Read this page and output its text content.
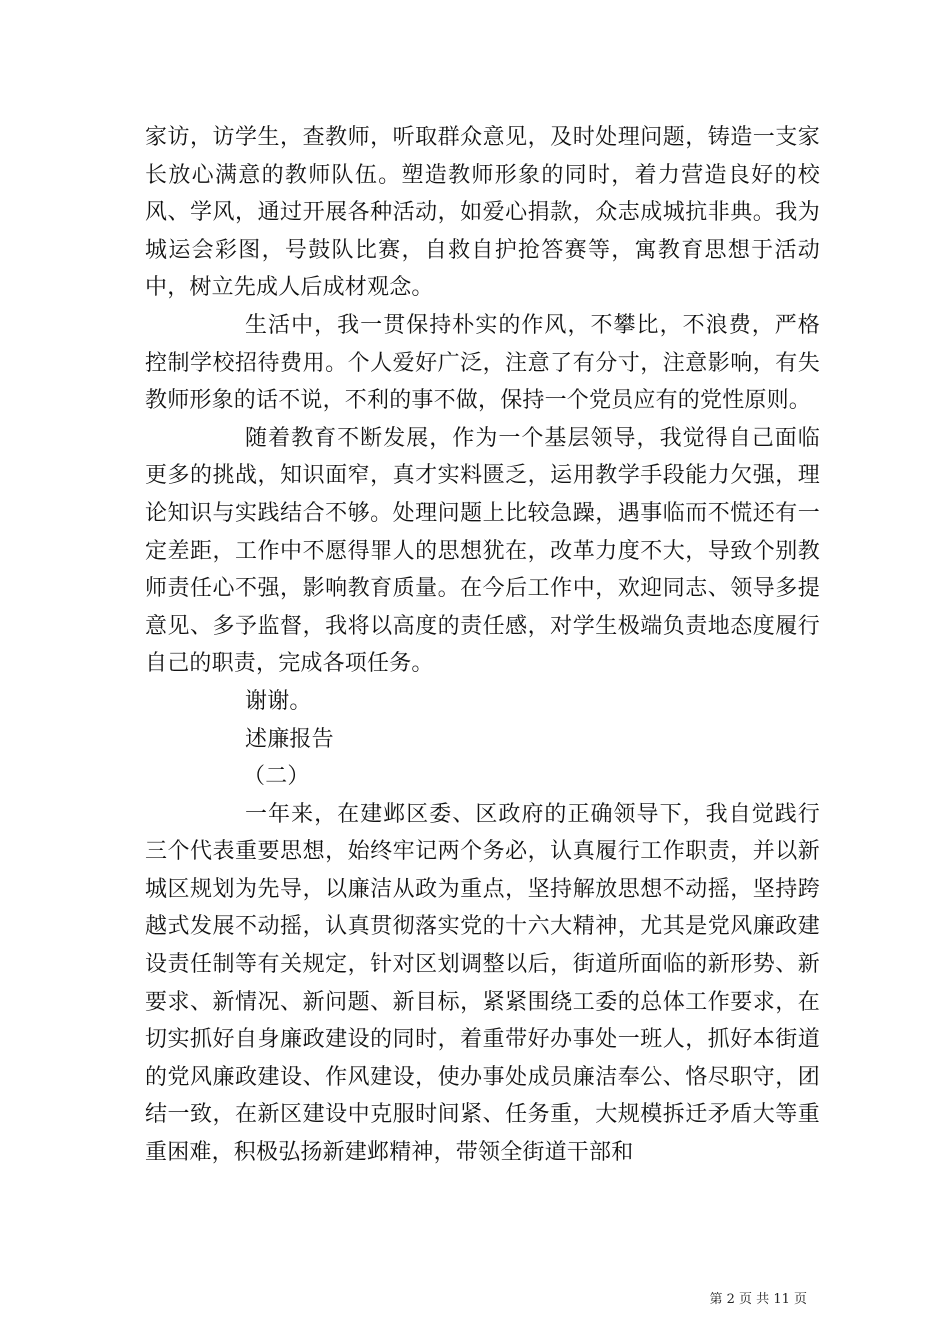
家访，访学生，查教师，听取群众意见，及时处理问题，铸造一支家长放心满意的教师队伍。塑造教师形象的同时，着力营造良好的校风、学风，通过开展各种活动，如爱心捐款，众志成城抗非典。我为城运会彩图，号鼓队比赛，自救自护抢答赛等，寓教育思想于活动中，树立先成人后成材观念。

生活中，我一贯保持朴实的作风，不攀比，不浪费，严格控制学校招待费用。个人爱好广泛，注意了有分寸，注意影响，有失教师形象的话不说，不利的事不做，保持一个党员应有的党性原则。

随着教育不断发展，作为一个基层领导，我觉得自己面临更多的挑战，知识面窄，真才实料匮乏，运用教学手段能力欠强，理论知识与实践结合不够。处理问题上比较急躁，遇事临而不慌还有一定差距，工作中不愿得罪人的思想犹在，改革力度不大，导致个别教师责任心不强，影响教育质量。在今后工作中，欢迎同志、领导多提意见、多予监督，我将以高度的责任感，对学生极端负责地态度履行自己的职责，完成各项任务。

谢谢。

述廉报告

（二）

一年来，在建邺区委、区政府的正确领导下，我自觉践行三个代表重要思想，始终牢记两个务必，认真履行工作职责，并以新城区规划为先导，以廉洁从政为重点，坚持解放思想不动摇，坚持跨越式发展不动摇，认真贯彻落实党的十六大精神，尤其是党风廉政建设责任制等有关规定，针对区划调整以后，街道所面临的新形势、新要求、新情况、新问题、新目标，紧紧围绕工委的总体工作要求，在切实抓好自身廉政建设的同时，着重带好办事处一班人，抓好本街道的党风廉政建设、作风建设，使办事处成员廉洁奉公、恪尽职守，团结一致，在新区建设中克服时间紧、任务重，大规模拆迁矛盾大等重重困难，积极弘扬新建邺精神，带领全街道干部和

第 2 页 共 11 页
